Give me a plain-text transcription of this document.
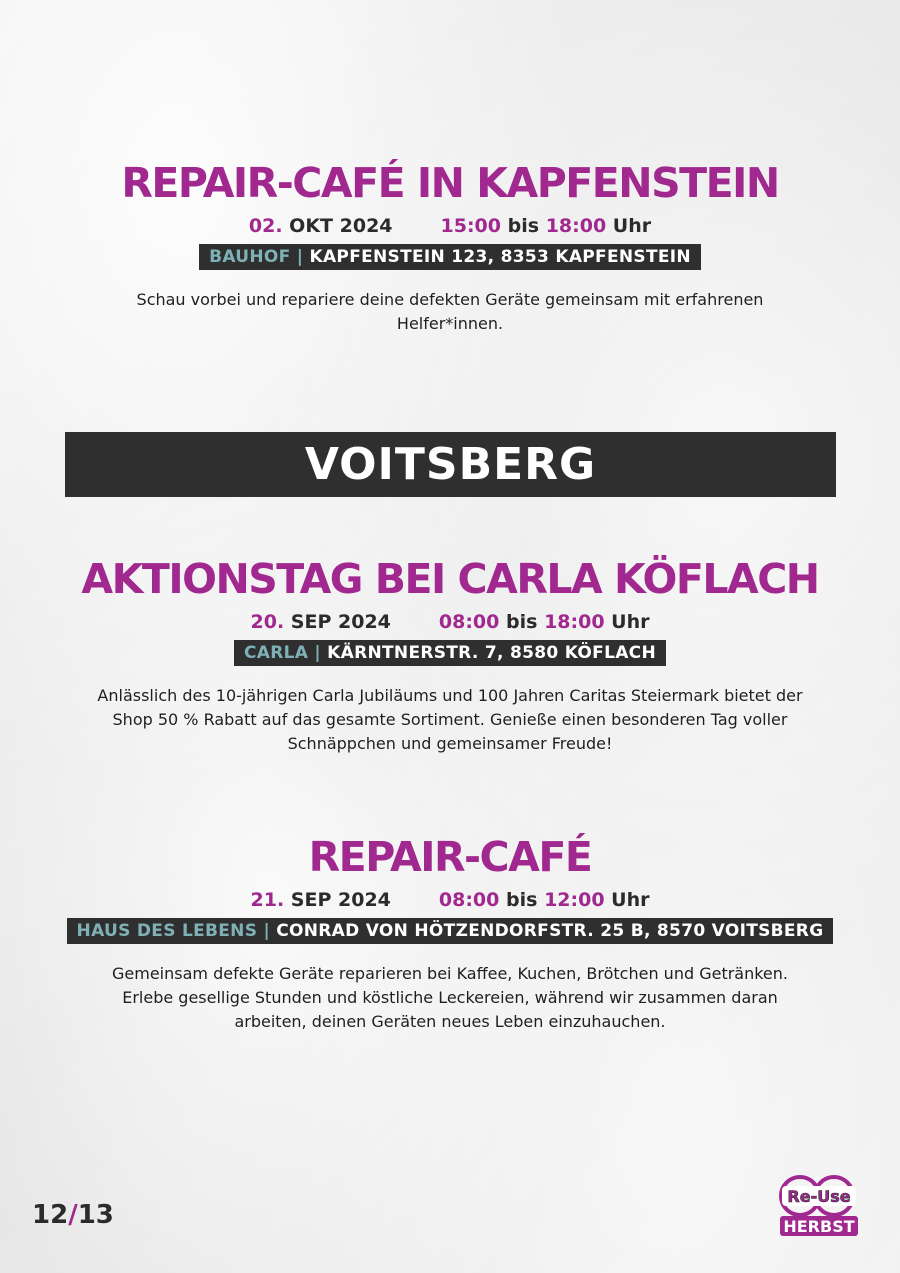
REPAIR-CAFÉ IN KAPFENSTEIN
02. OKT 2024	15:00 bis 18:00 Uhr
BAUHOF | KAPFENSTEIN 123, 8353 KAPFENSTEIN

Schau vorbei und repariere deine defekten Geräte gemeinsam mit erfahrenen Helfer*innen.

VOITSBERG
AKTIONSTAG BEI CARLA KÖFLACH
20. SEP 2024	08:00 bis 18:00 Uhr
CARLA | KÄRNTNERSTR. 7, 8580 KÖFLACH

Anlässlich des 10-jährigen Carla Jubiläums und 100 Jahren Caritas Steiermark bietet der Shop 50 % Rabatt auf das gesamte Sortiment. Genieße einen besonderen Tag voller Schnäppchen und gemeinsamer Freude!

REPAIR-CAFÉ
21. SEP 2024	08:00 bis 12:00 Uhr
HAUS DES LEBENS | CONRAD VON HÖTZENDORFSTR. 25 B, 8570 VOITSBERG

Gemeinsam defekte Geräte reparieren bei Kaffee, Kuchen, Brötchen und Getränken. Erlebe gesellige Stunden und köstliche Leckereien, während wir zusammen daran arbeiten, deinen Geräten neues Leben einzuhauchen.

12/13
Re-Use
HERBST
